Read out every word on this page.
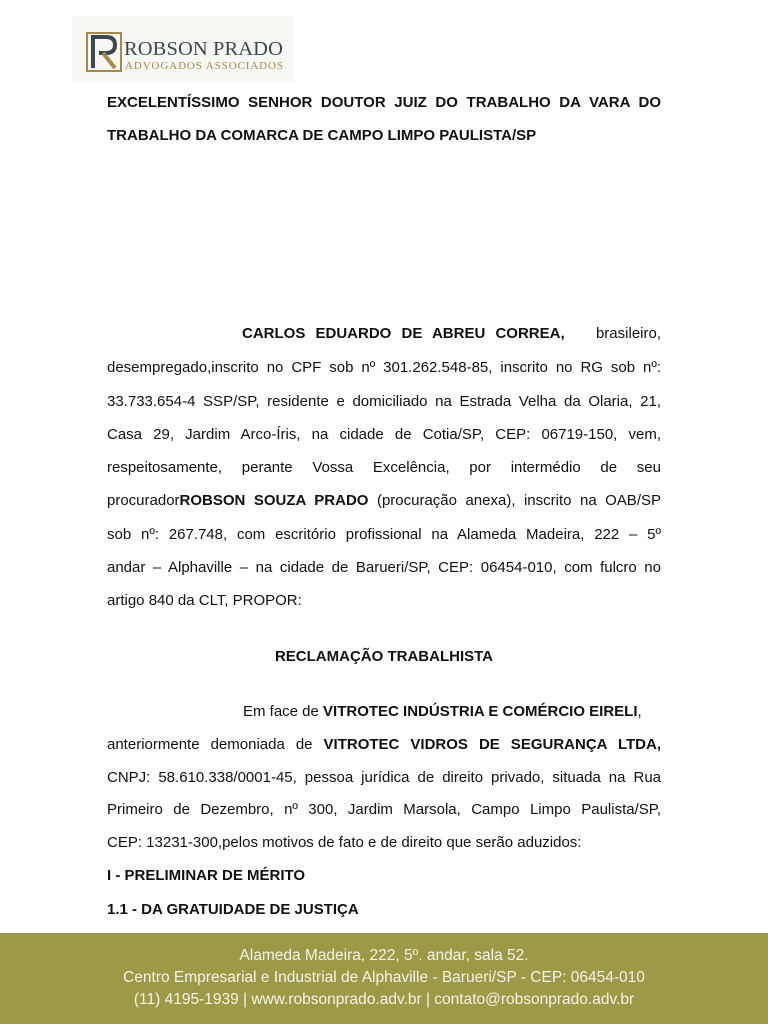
ROBSON PRADO
ADVOGADOS ASSOCIADOS
EXCELENTÍSSIMO SENHOR DOUTOR JUIZ DO TRABALHO DA VARA DO
TRABALHO DA COMARCA DE CAMPO LIMPO PAULISTA/SP
CARLOS EDUARDO DE ABREU CORREA, brasileiro,
desempregado,inscrito no CPF sob nº 301.262.548-85, inscrito no RG sob nº:
33.733.654-4 SSP/SP, residente e domiciliado na Estrada Velha da Olaria, 21,
Casa 29, Jardim Arco-Íris, na cidade de Cotia/SP, CEP: 06719-150, vem,
respeitosamente, perante Vossa Excelência, por intermédio de seu
procuradorROBSON SOUZA PRADO (procuração anexa), inscrito na OAB/SP
sob nº: 267.748, com escritório profissional na Alameda Madeira, 222 – 5º
andar – Alphaville – na cidade de Barueri/SP, CEP: 06454-010, com fulcro no
artigo 840 da CLT, PROPOR:
RECLAMAÇÃO TRABALHISTA
Em face de VITROTEC INDÚSTRIA E COMÉRCIO EIRELI,
anteriormente demoniada de VITROTEC VIDROS DE SEGURANÇA LTDA,
CNPJ: 58.610.338/0001-45, pessoa jurídica de direito privado, situada na Rua
Primeiro de Dezembro, nº 300, Jardim Marsola, Campo Limpo Paulista/SP,
CEP: 13231-300,pelos motivos de fato e de direito que serão aduzidos:
I - PRELIMINAR DE MÉRITO
1.1 - DA GRATUIDADE DE JUSTIÇA
Alameda Madeira, 222, 5º. andar, sala 52.
Centro Empresarial e Industrial de Alphaville - Barueri/SP - CEP: 06454-010
(11) 4195-1939 | www.robsonprado.adv.br | contato@robsonprado.adv.br
